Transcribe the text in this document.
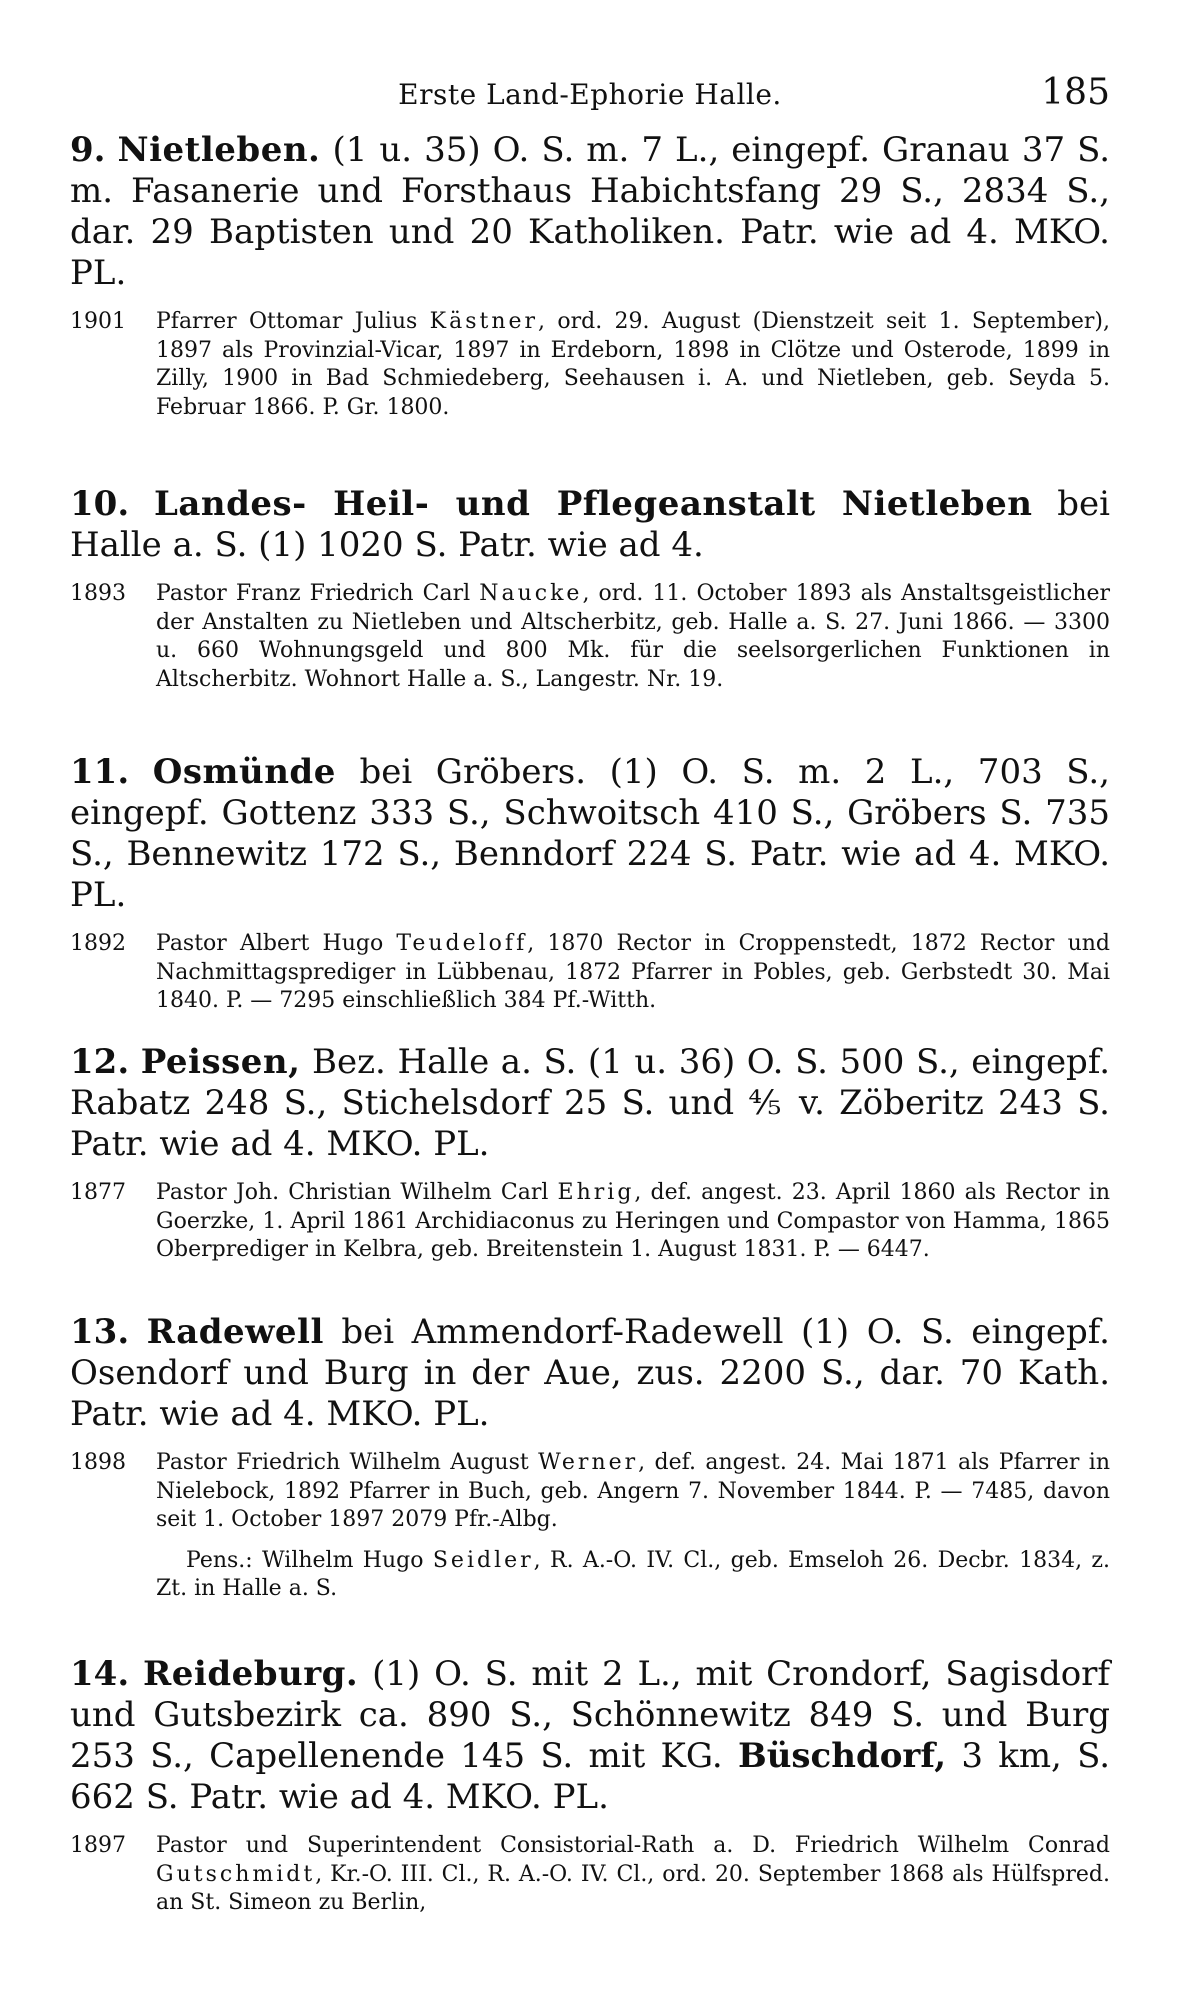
Erste Land-Ephorie Halle.	185

9. Nietleben. (1 u. 35) O. S. m. 7 L., eingepf. Granau 37 S. m. Fasanerie und Forsthaus Habichtsfang 29 S., 2834 S., dar. 29 Baptisten und 20 Katholiken. Patr. wie ad 4. MKO. PL.

1901	Pfarrer Ottomar Julius Kästner, ord. 29. August (Dienstzeit seit 1. September), 1897 als Provinzial-Vicar, 1897 in Erdeborn, 1898 in Clötze und Osterode, 1899 in Zilly, 1900 in Bad Schmiedeberg, Seehausen i. A. und Nietleben, geb. Seyda 5. Februar 1866. P. Gr. 1800.

10. Landes- Heil- und Pflegeanstalt Nietleben bei Halle a. S. (1) 1020 S. Patr. wie ad 4.

1893	Pastor Franz Friedrich Carl Naucke, ord. 11. October 1893 als Anstaltsgeistlicher der Anstalten zu Nietleben und Altscherbitz, geb. Halle a. S. 27. Juni 1866. — 3300 u. 660 Wohnungsgeld und 800 Mk. für die seelsorgerlichen Funktionen in Altscherbitz. Wohnort Halle a. S., Langestr. Nr. 19.

11. Osmünde bei Gröbers. (1) O. S. m. 2 L., 703 S., eingepf. Gottenz 333 S., Schwoitsch 410 S., Gröbers S. 735 S., Bennewitz 172 S., Benndorf 224 S. Patr. wie ad 4. MKO. PL.

1892	Pastor Albert Hugo Teudeloff, 1870 Rector in Croppenstedt, 1872 Rector und Nachmittagsprediger in Lübbenau, 1872 Pfarrer in Pobles, geb. Gerbstedt 30. Mai 1840. P. — 7295 einschließlich 384 Pf.-Witth.

12. Peissen, Bez. Halle a. S. (1 u. 36) O. S. 500 S., eingepf. Rabatz 248 S., Stichelsdorf 25 S. und ⅘ v. Zöberitz 243 S. Patr. wie ad 4. MKO. PL.

1877	Pastor Joh. Christian Wilhelm Carl Ehrig, def. angest. 23. April 1860 als Rector in Goerzke, 1. April 1861 Archidiaconus zu Heringen und Compastor von Hamma, 1865 Oberprediger in Kelbra, geb. Breitenstein 1. August 1831. P. — 6447.

13. Radewell bei Ammendorf-Radewell (1) O. S. eingepf. Osendorf und Burg in der Aue, zus. 2200 S., dar. 70 Kath. Patr. wie ad 4. MKO. PL.

1898	Pastor Friedrich Wilhelm August Werner, def. angest. 24. Mai 1871 als Pfarrer in Nielebock, 1892 Pfarrer in Buch, geb. Angern 7. November 1844. P. — 7485, davon seit 1. October 1897 2079 Pfr.-Albg.
Pens.: Wilhelm Hugo Seidler, R. A.-O. IV. Cl., geb. Emseloh 26. Decbr. 1834, z. Zt. in Halle a. S.

14. Reideburg. (1) O. S. mit 2 L., mit Crondorf, Sagisdorf und Gutsbezirk ca. 890 S., Schönnewitz 849 S. und Burg 253 S., Capellenende 145 S. mit KG. Büschdorf, 3 km, S. 662 S. Patr. wie ad 4. MKO. PL.

1897	Pastor und Superintendent Consistorial-Rath a. D. Friedrich Wilhelm Conrad Gutschmidt, Kr.-O. III. Cl., R. A.-O. IV. Cl., ord. 20. September 1868 als Hülfspred. an St. Simeon zu Berlin,
